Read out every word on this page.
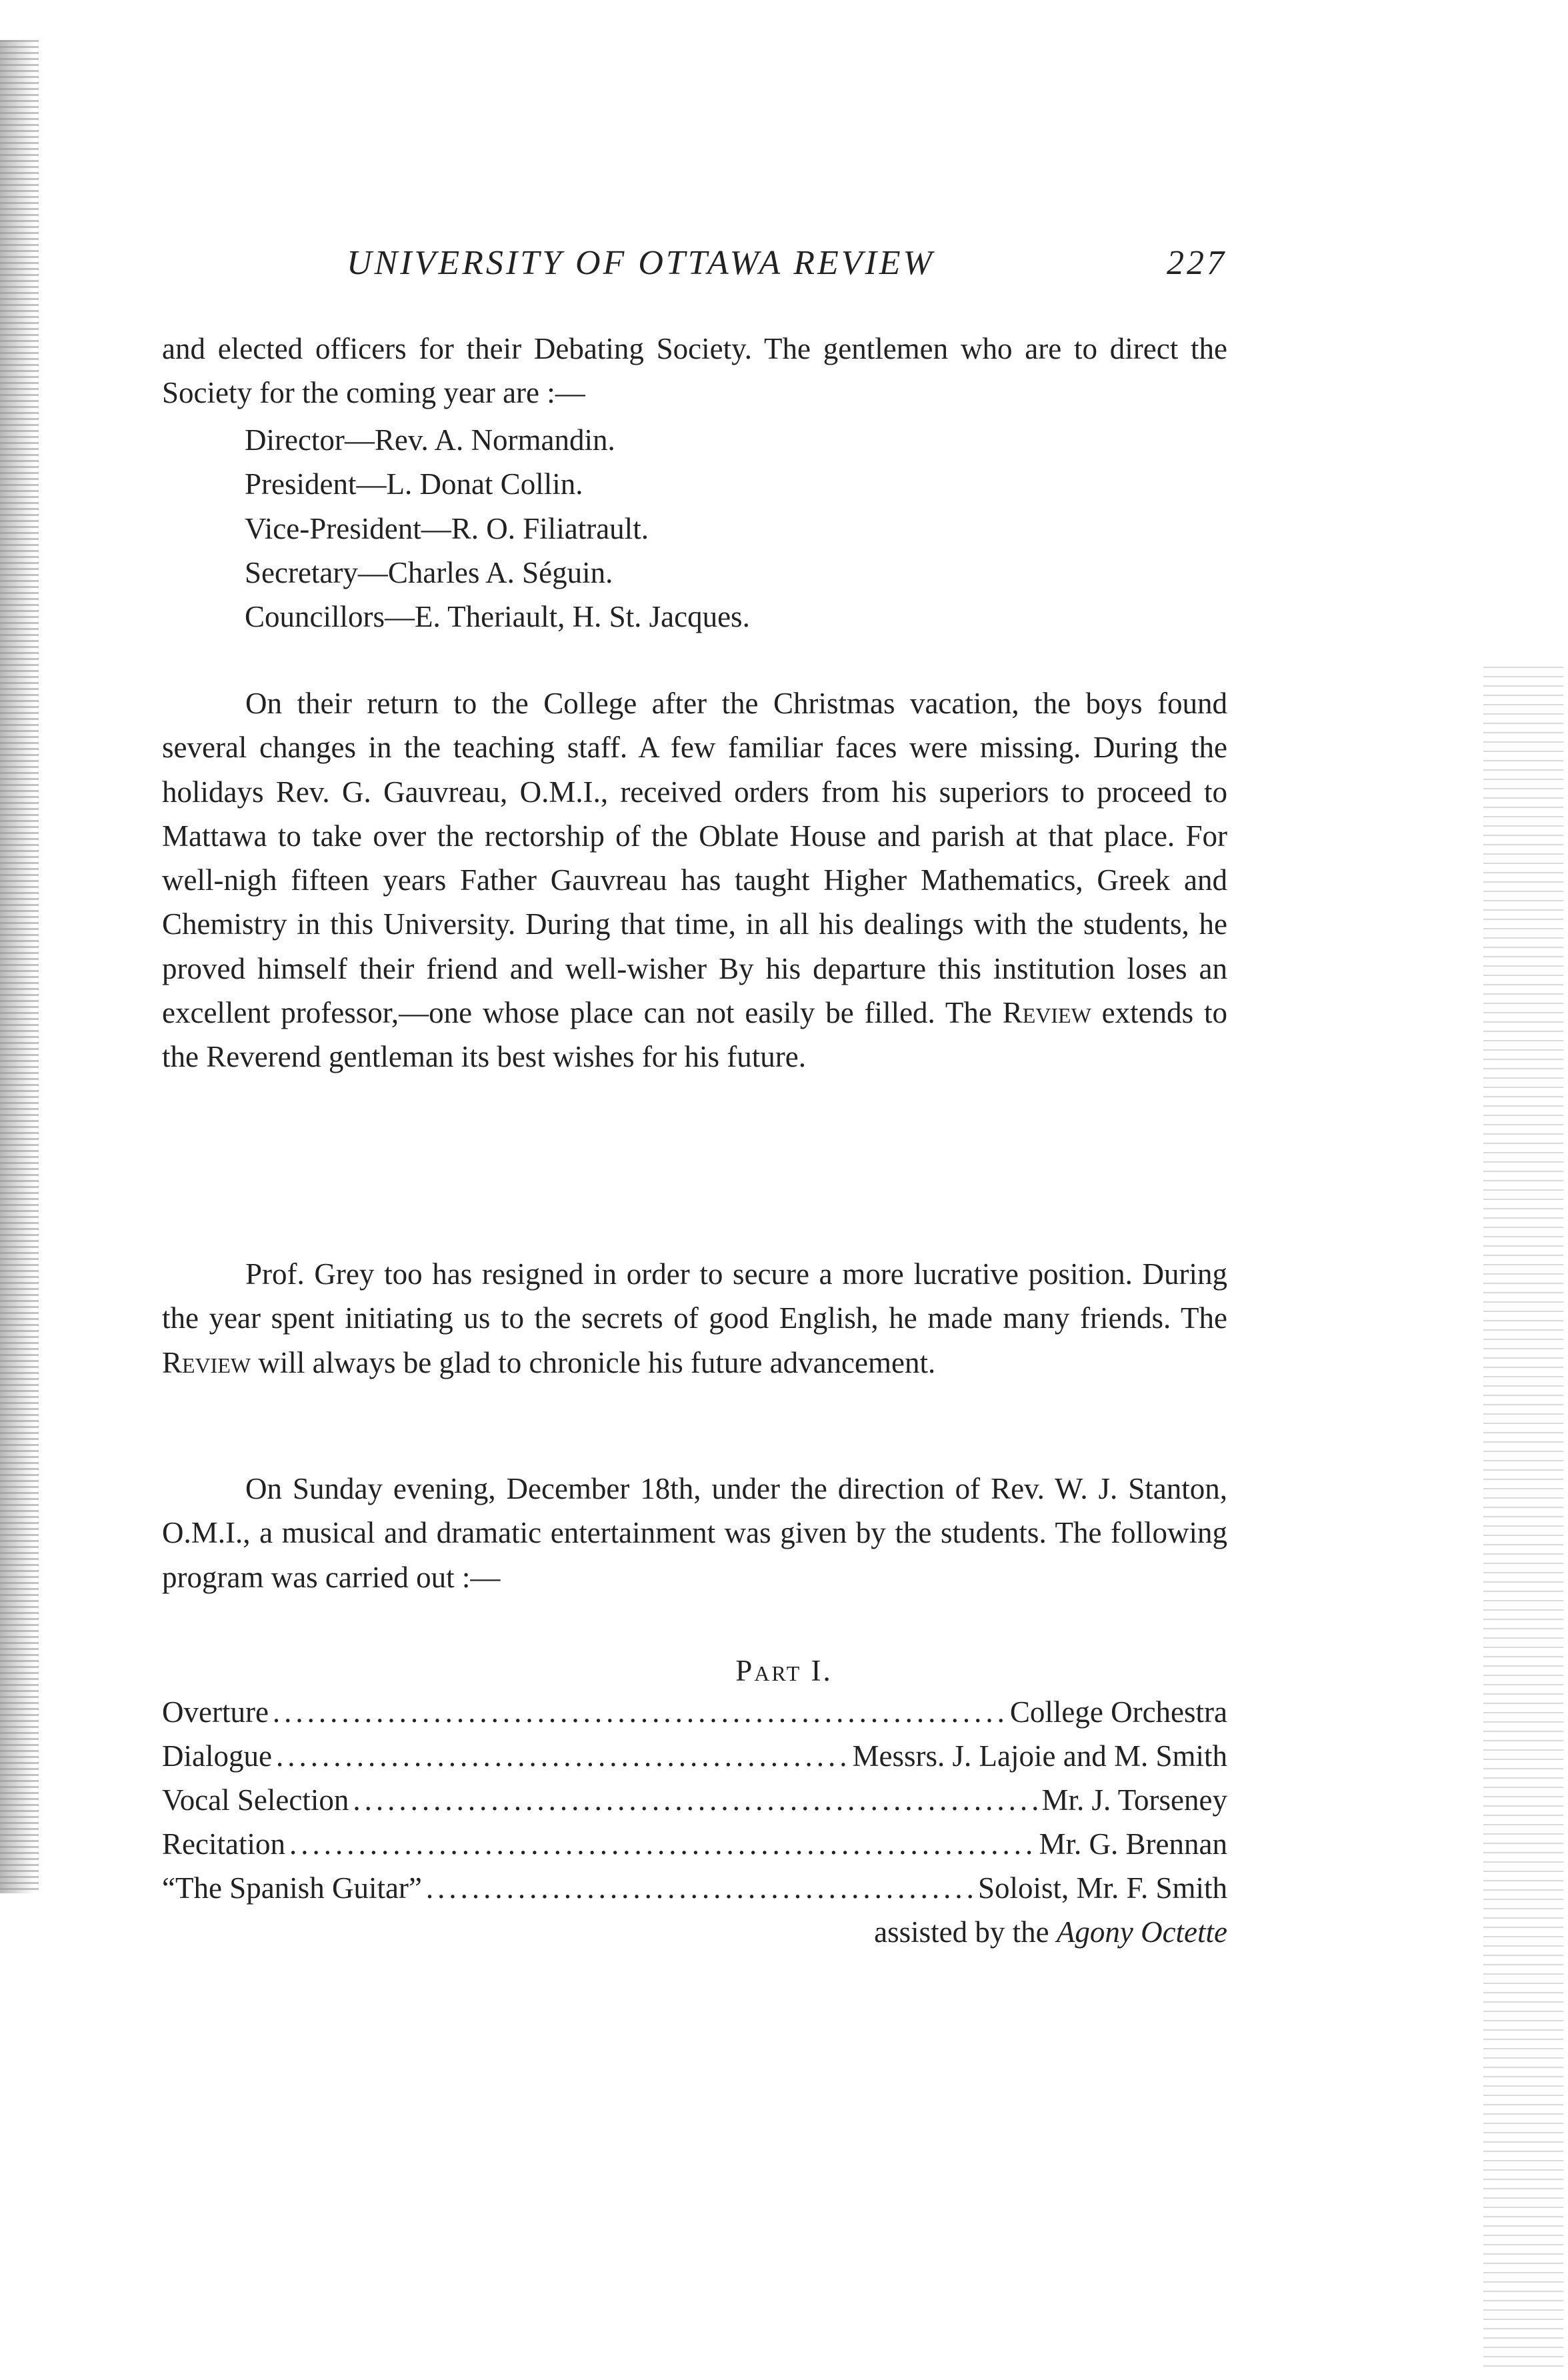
UNIVERSITY OF OTTAWA REVIEW	227
and elected officers for their Debating Society. The gentlemen who are to direct the Society for the coming year are :—
Director—Rev. A. Normandin.
President—L. Donat Collin.
Vice-President—R. O. Filiatrault.
Secretary—Charles A. Séguin.
Councillors—E. Theriault, H. St. Jacques.
On their return to the College after the Christmas vacation, the boys found several changes in the teaching staff. A few familiar faces were missing. During the holidays Rev. G. Gauvreau, O.M.I., received orders from his superiors to proceed to Mattawa to take over the rectorship of the Oblate House and parish at that place. For well-nigh fifteen years Father Gauvreau has taught Higher Mathematics, Greek and Chemistry in this University. During that time, in all his dealings with the students, he proved himself their friend and well-wisher By his departure this institution loses an excellent professor,—one whose place can not easily be filled. The Review extends to the Reverend gentleman its best wishes for his future.
Prof. Grey too has resigned in order to secure a more lucrative position. During the year spent initiating us to the secrets of good English, he made many friends. The Review will always be glad to chronicle his future advancement.
On Sunday evening, December 18th, under the direction of Rev. W. J. Stanton, O.M.I., a musical and dramatic entertainment was given by the students. The following program was carried out :—
Part I.
Overture .....	College Orchestra
Dialogue .....	Messrs. J. Lajoie and M. Smith
Vocal Selection .....	Mr. J. Torseney
Recitation .....	Mr. G. Brennan
“The Spanish Guitar” .....	Soloist, Mr. F. Smith
assisted by the Agony Octette
